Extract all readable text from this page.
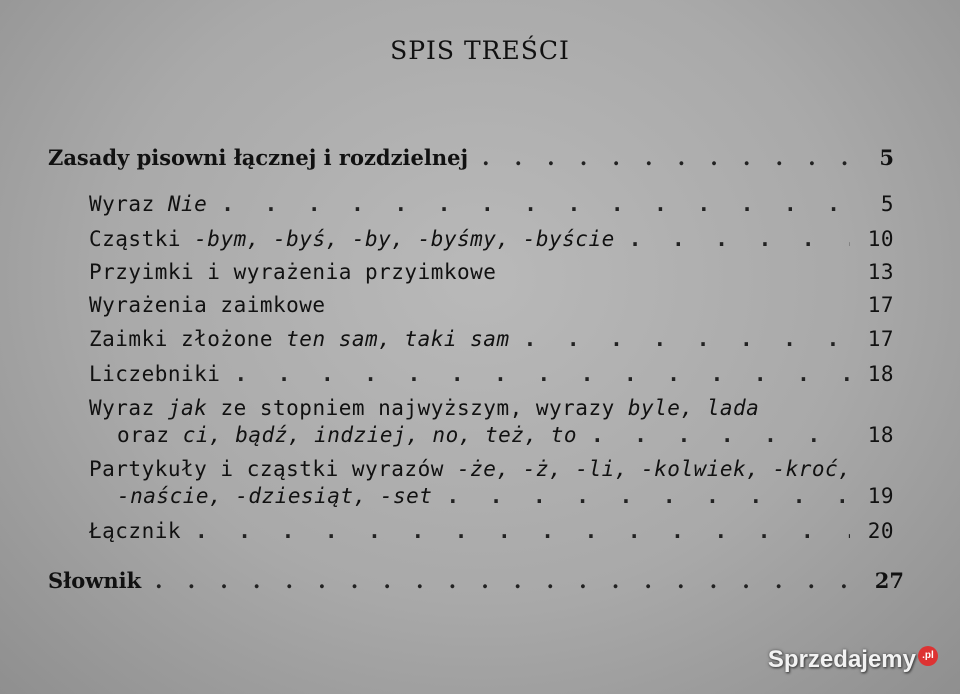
SPIS TREŚCI
Zasady pisowni łącznej i rozdzielnej . . .	5
Wyraz Nie . . .	5
Cząstki -bym, -byś, -by, -byśmy, -byście . . .	10
Przyimki i wyrażenia przyimkowe	13
Wyrażenia zaimkowe	17
Zaimki złożone ten sam, taki sam . . .	17
Liczebniki . . .	18
Wyraz jak ze stopniem najwyższym, wyrazy byle, lada
oraz ci, bądź, indziej, no, też, to . . .	18
Partykuły i cząstki wyrazów -że, -ż, -li, -kolwiek, -kroć,
-naście, -dziesiąt, -set . . .	19
Łącznik . . .	20
Słownik . . .	27
Sprzedajemy .pl
